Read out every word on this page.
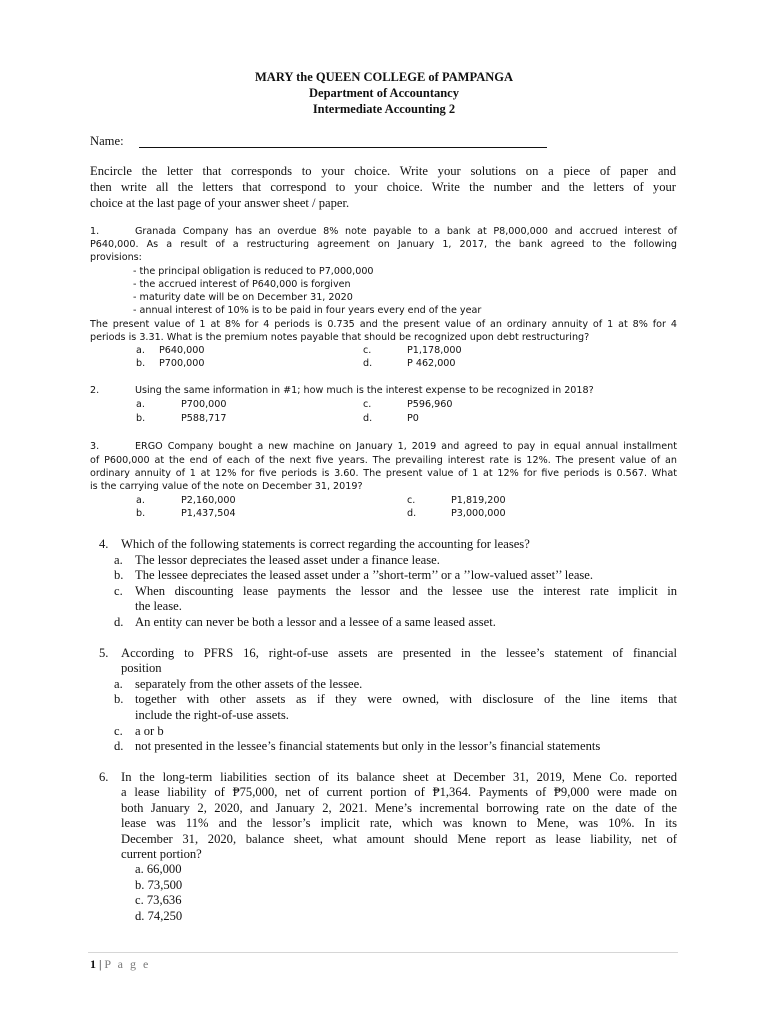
MARY the QUEEN COLLEGE of PAMPANGA
Department of Accountancy
Intermediate Accounting 2
Name:
Encircle the letter that corresponds to your choice. Write your solutions on a piece of paper and
then write all the letters that correspond to your choice. Write the number and the letters of your
choice at the last page of your answer sheet / paper.
1.	Granada Company has an overdue 8% note payable to a bank at P8,000,000 and accrued interest of
P640,000. As a result of a restructuring agreement on January 1, 2017, the bank agreed to the following
provisions:
- the principal obligation is reduced to P7,000,000
- the accrued interest of P640,000 is forgiven
- maturity date will be on December 31, 2020
- annual interest of 10% is to be paid in four years every end of the year
The present value of 1 at 8% for 4 periods is 0.735 and the present value of an ordinary annuity of 1 at 8% for 4
periods is 3.31. What is the premium notes payable that should be recognized upon debt restructuring?
a. P640,000	c.	P1,178,000
b. P700,000	d.	P 462,000
2.	Using the same information in #1; how much is the interest expense to be recognized in 2018?
a.	P700,000	c.	P596,960
b.	P588,717	d.	P0
3.	ERGO Company bought a new machine on January 1, 2019 and agreed to pay in equal annual installment
of P600,000 at the end of each of the next five years. The prevailing interest rate is 12%. The present value of an
ordinary annuity of 1 at 12% for five periods is 3.60. The present value of 1 at 12% for five periods is 0.567. What
is the carrying value of the note on December 31, 2019?
a.	P2,160,000	c.	P1,819,200
b.	P1,437,504	d.	P3,000,000
4. Which of the following statements is correct regarding the accounting for leases?
a. The lessor depreciates the leased asset under a finance lease.
b. The lessee depreciates the leased asset under a ’’short-term’’ or a ’’low-valued asset’’ lease.
c. When discounting lease payments the lessor and the lessee use the interest rate implicit in
the lease.
d. An entity can never be both a lessor and a lessee of a same leased asset.
5. According to PFRS 16, right-of-use assets are presented in the lessee’s statement of financial
position
a. separately from the other assets of the lessee.
b. together with other assets as if they were owned, with disclosure of the line items that
include the right-of-use assets.
c. a or b
d. not presented in the lessee’s financial statements but only in the lessor’s financial statements
6. In the long-term liabilities section of its balance sheet at December 31, 2019, Mene Co. reported
a lease liability of ₱75,000, net of current portion of ₱1,364. Payments of ₱9,000 were made on
both January 2, 2020, and January 2, 2021. Mene’s incremental borrowing rate on the date of the
lease was 11% and the lessor’s implicit rate, which was known to Mene, was 10%. In its
December 31, 2020, balance sheet, what amount should Mene report as lease liability, net of
current portion?
a. 66,000
b. 73,500
c. 73,636
d. 74,250
1 | P a g e
